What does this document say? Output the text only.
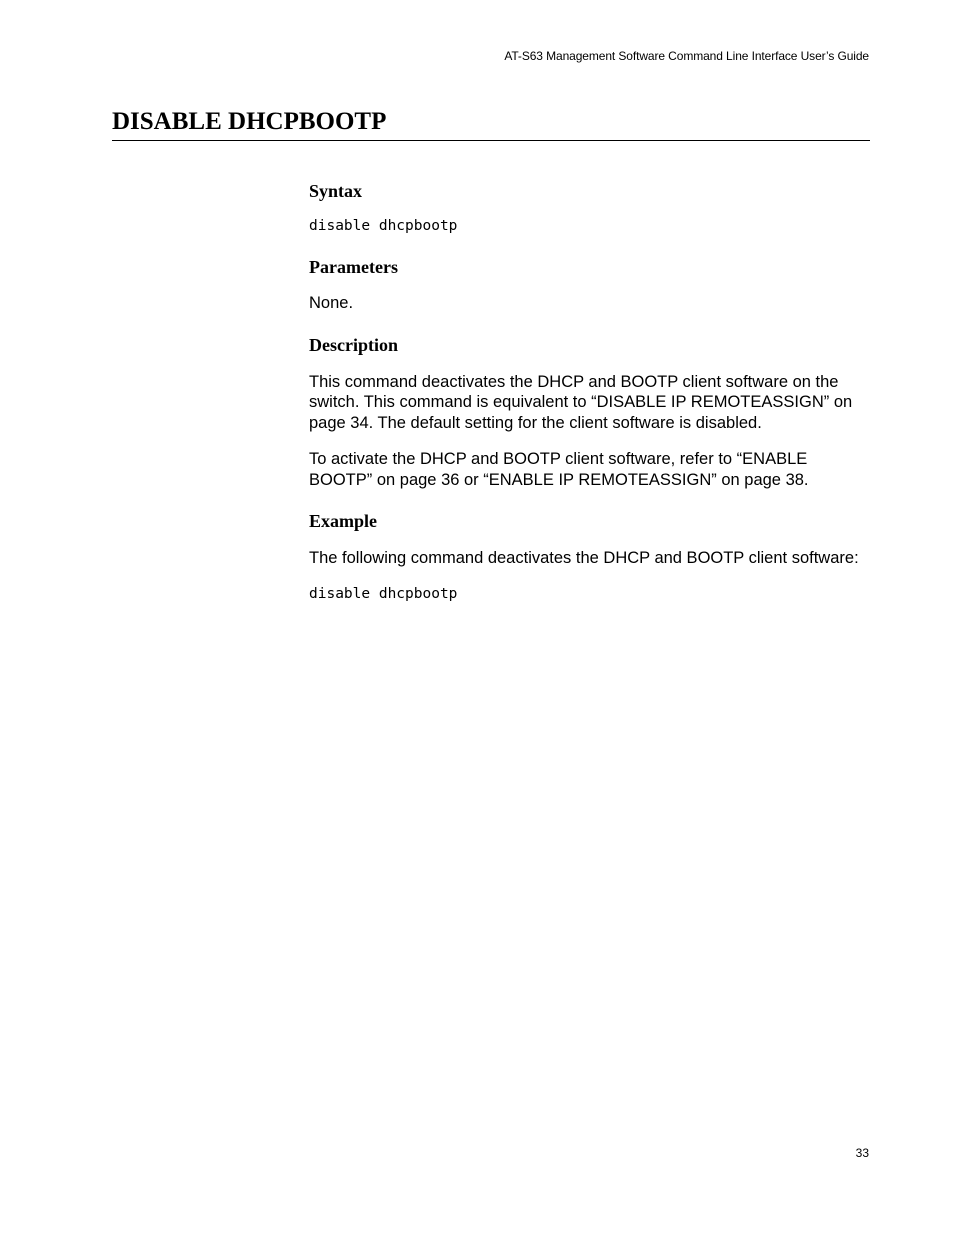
AT-S63 Management Software Command Line Interface User’s Guide
DISABLE DHCPBOOTP
Syntax
disable dhcpbootp
Parameters

None.

Description

This command deactivates the DHCP and BOOTP client software on the switch. This command is equivalent to “DISABLE IP REMOTEASSIGN” on page 34. The default setting for the client software is disabled.

To activate the DHCP and BOOTP client software, refer to “ENABLE BOOTP” on page 36 or “ENABLE IP REMOTEASSIGN” on page 38.

Example

The following command deactivates the DHCP and BOOTP client software:

disable dhcpbootp
33
